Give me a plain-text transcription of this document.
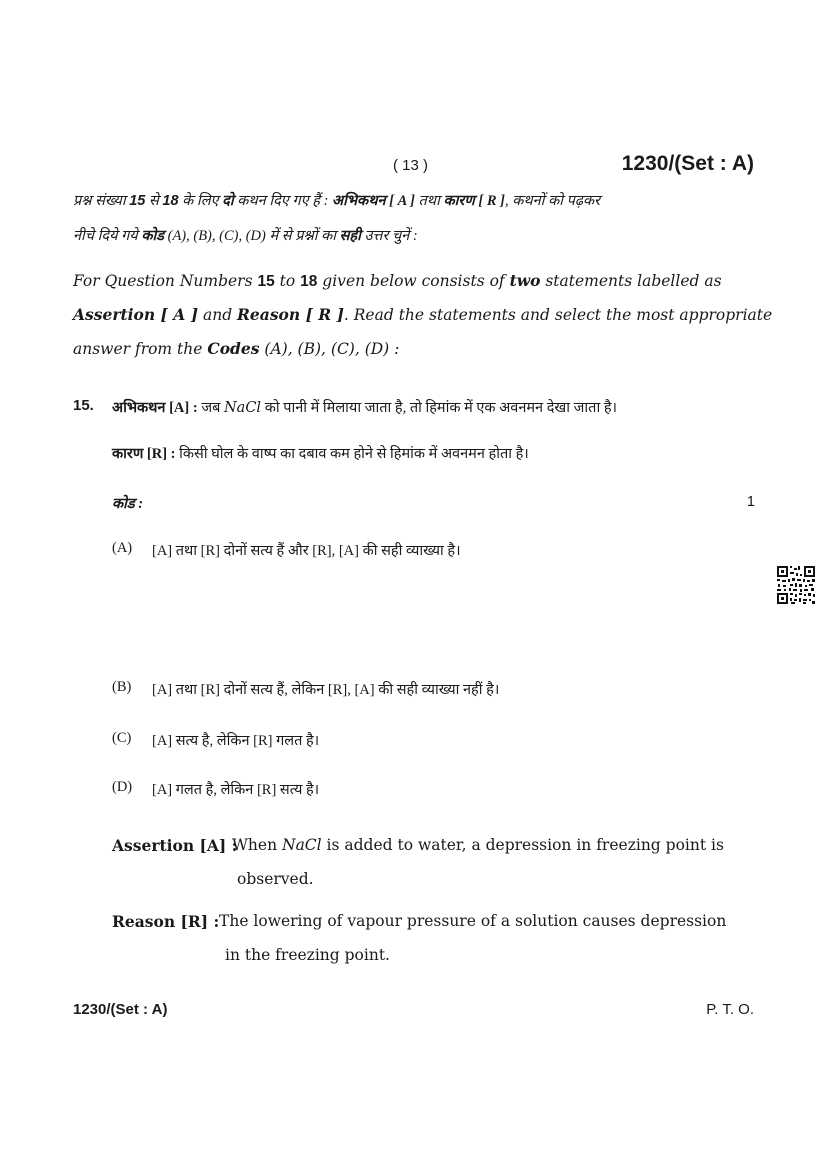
( 13 )	1230/(Set : A)
प्रश्न संख्या 15 से 18 के लिए दो कथन दिए गए हैं : अभिकथन [ A ] तथा कारण [ R ], कथनों को पढ़कर
नीचे दिये गये कोड (A), (B), (C), (D) में से प्रश्नों का सही उत्तर चुनें :
For Question Numbers 15 to 18 given below consists of two statements labelled as
Assertion [ A ] and Reason [ R ]. Read the statements and select the most appropriate
answer from the Codes (A), (B), (C), (D) :
15. अभिकथन [A] : जब NaCl को पानी में मिलाया जाता है, तो हिमांक में एक अवनमन देखा जाता है।
कारण [R] : किसी घोल के वाष्प का दबाव कम होने से हिमांक में अवनमन होता है।
कोड :	1
(A) [A] तथा [R] दोनों सत्य हैं और [R], [A] की सही व्याख्या है।
(B) [A] तथा [R] दोनों सत्य हैं, लेकिन [R], [A] की सही व्याख्या नहीं है।
(C) [A] सत्य है, लेकिन [R] गलत है।
(D) [A] गलत है, लेकिन [R] सत्य है।
Assertion [A] :
When NaCl is added to water, a depression in freezing point is
observed.
Reason [R] : The lowering of vapour pressure of a solution causes depression
in the freezing point.
1230/(Set : A)	P. T. O.
